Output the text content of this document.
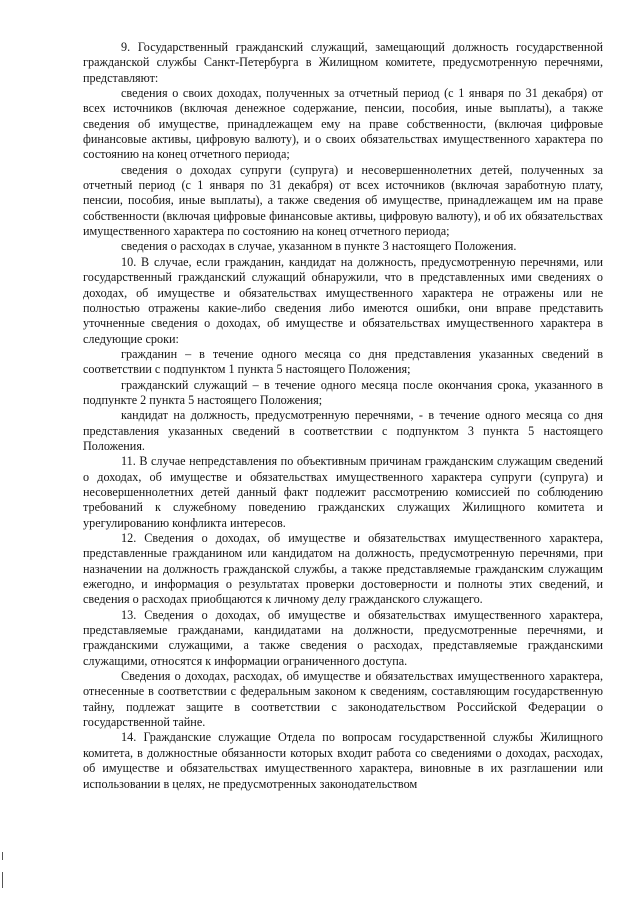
9. Государственный гражданский служащий, замещающий должность государственной гражданской службы Санкт-Петербурга в Жилищном комитете, предусмотренную перечнями, представляют:

сведения о своих доходах, полученных за отчетный период (с 1 января по 31 декабря) от всех источников (включая денежное содержание, пенсии, пособия, иные выплаты), а также сведения об имуществе, принадлежащем ему на праве собственности, (включая цифровые финансовые активы, цифровую валюту), и о своих обязательствах имущественного характера по состоянию на конец отчетного периода;

сведения о доходах супруги (супруга) и несовершеннолетних детей, полученных за отчетный период (с 1 января по 31 декабря) от всех источников (включая заработную плату, пенсии, пособия, иные выплаты), а также сведения об имуществе, принадлежащем им на праве собственности (включая цифровые финансовые активы, цифровую валюту), и об их обязательствах имущественного характера по состоянию на конец отчетного периода;

сведения о расходах в случае, указанном в пункте 3 настоящего Положения.

10. В случае, если гражданин, кандидат на должность, предусмотренную перечнями, или государственный гражданский служащий обнаружили, что в представленных ими сведениях о доходах, об имуществе и обязательствах имущественного характера не отражены или не полностью отражены какие-либо сведения либо имеются ошибки, они вправе представить уточненные сведения о доходах, об имуществе и обязательствах имущественного характера в следующие сроки:

гражданин – в течение одного месяца со дня представления указанных сведений в соответствии с подпунктом 1 пункта 5 настоящего Положения;

гражданский служащий – в течение одного месяца после окончания срока, указанного в подпункте 2 пункта 5 настоящего Положения;

кандидат на должность, предусмотренную перечнями, - в течение одного месяца со дня представления указанных сведений в соответствии с подпунктом 3 пункта 5 настоящего Положения.

11. В случае непредставления по объективным причинам гражданским служащим сведений о доходах, об имуществе и обязательствах имущественного характера супруги (супруга) и несовершеннолетних детей данный факт подлежит рассмотрению комиссией по соблюдению требований к служебному поведению гражданских служащих Жилищного комитета и урегулированию конфликта интересов.

12. Сведения о доходах, об имуществе и обязательствах имущественного характера, представленные гражданином или кандидатом на должность, предусмотренную перечнями, при назначении на должность гражданской службы, а также представляемые гражданским служащим ежегодно, и информация о результатах проверки достоверности и полноты этих сведений, и сведения о расходах приобщаются к личному делу гражданского служащего.

13. Сведения о доходах, об имуществе и обязательствах имущественного характера, представляемые гражданами, кандидатами на должности, предусмотренные перечнями, и гражданскими служащими, а также сведения о расходах, представляемые гражданскими служащими, относятся к информации ограниченного доступа.

Сведения о доходах, расходах, об имуществе и обязательствах имущественного характера, отнесенные в соответствии с федеральным законом к сведениям, составляющим государственную тайну, подлежат защите в соответствии с законодательством Российской Федерации о государственной тайне.

14. Гражданские служащие Отдела по вопросам государственной службы Жилищного комитета, в должностные обязанности которых входит работа со сведениями о доходах, расходах, об имуществе и обязательствах имущественного характера, виновные в их разглашении или использовании в целях, не предусмотренных законодательством
